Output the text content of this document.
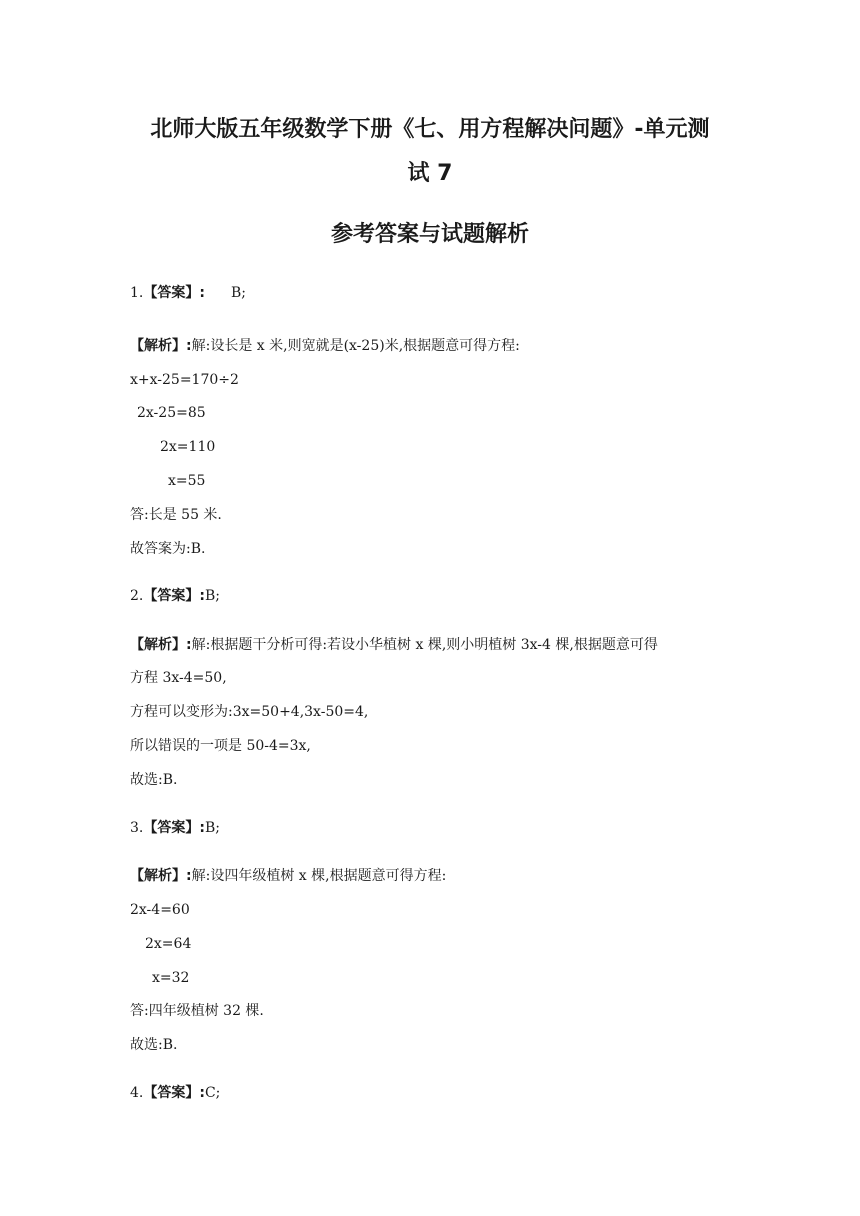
北师大版五年级数学下册《七、用方程解决问题》-单元测
试 7
参考答案与试题解析
1.【答案】: B;
【解析】:解:设长是 x 米,则宽就是(x-25)米,根据题意可得方程:
x+x-25=170÷2
2x-25=85
2x=110
x=55
答:长是 55 米.
故答案为:B.
2.【答案】:B;
【解析】:解:根据题干分析可得:若设小华植树 x 棵,则小明植树 3x-4 棵,根据题意可得
方程 3x-4=50,
方程可以变形为:3x=50+4,3x-50=4,
所以错误的一项是 50-4=3x,
故选:B.
3.【答案】:B;
【解析】:解:设四年级植树 x 棵,根据题意可得方程:
2x-4=60
2x=64
x=32
答:四年级植树 32 棵.
故选:B.
4.【答案】:C;
